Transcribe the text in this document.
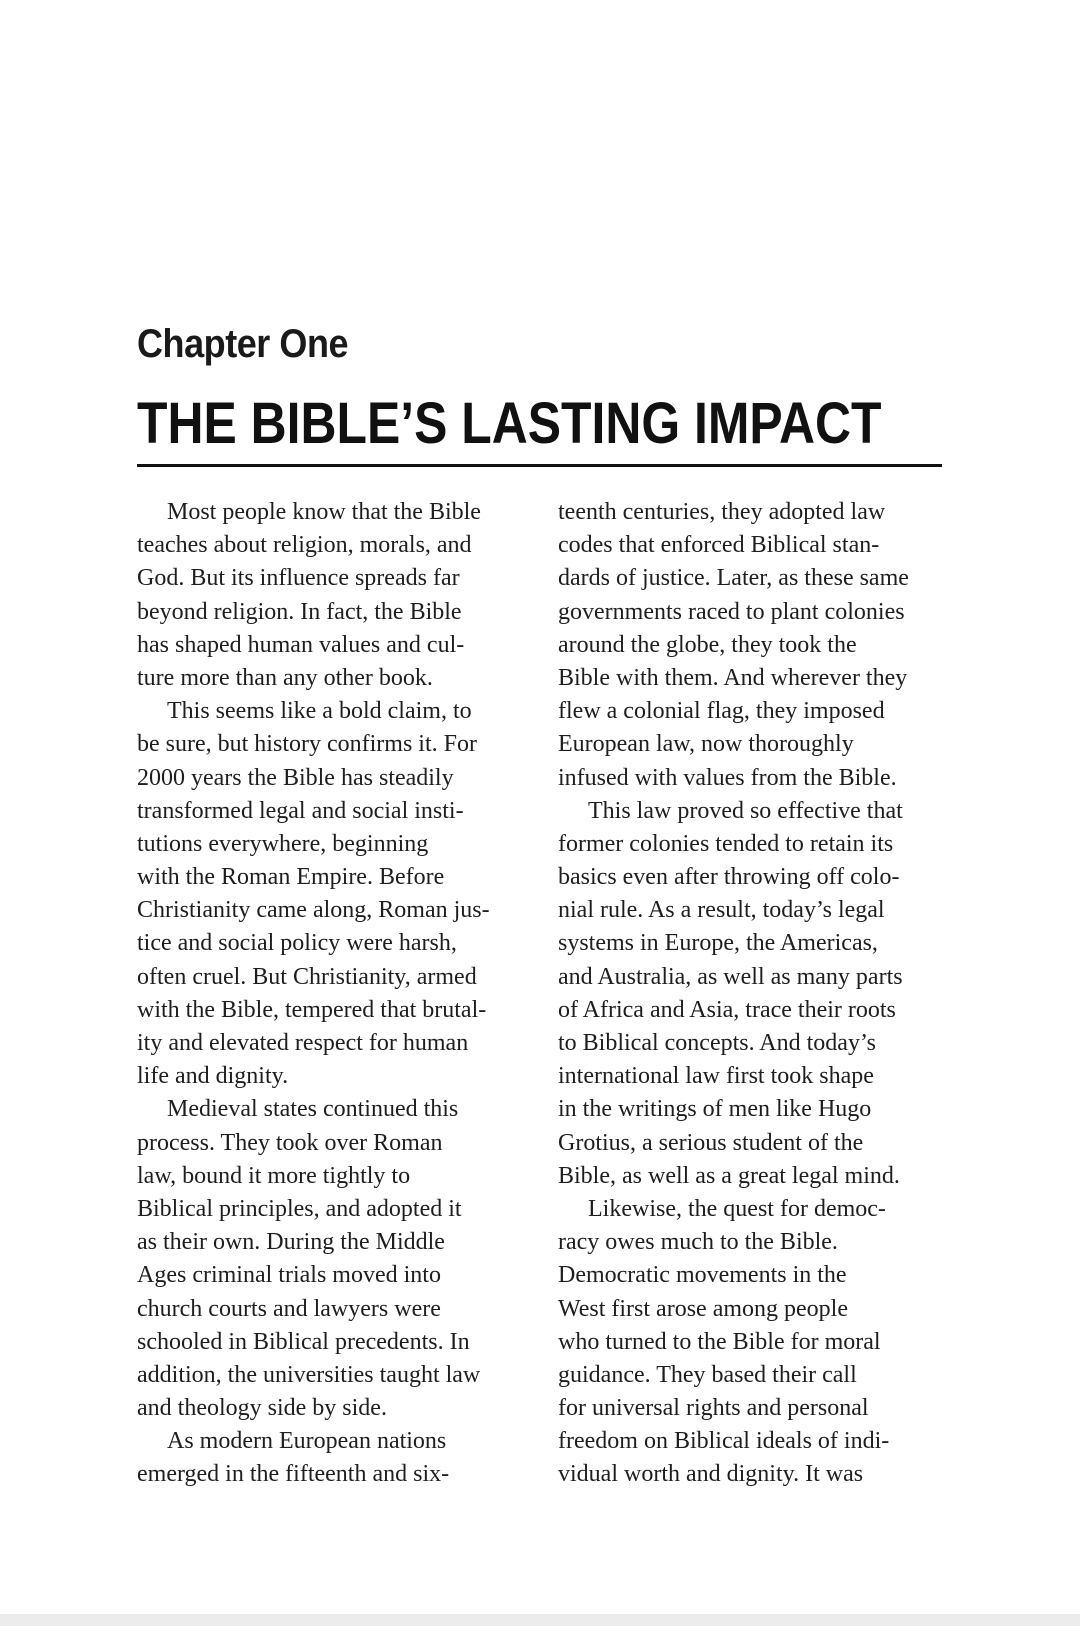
Chapter One
THE BIBLE’S LASTING IMPACT
Most people know that the Bible
teaches about religion, morals, and
God. But its influence spreads far
beyond religion. In fact, the Bible
has shaped human values and cul-
ture more than any other book.
This seems like a bold claim, to
be sure, but history confirms it. For
2000 years the Bible has steadily
transformed legal and social insti-
tutions everywhere, beginning
with the Roman Empire. Before
Christianity came along, Roman jus-
tice and social policy were harsh,
often cruel. But Christianity, armed
with the Bible, tempered that brutal-
ity and elevated respect for human
life and dignity.
Medieval states continued this
process. They took over Roman
law, bound it more tightly to
Biblical principles, and adopted it
as their own. During the Middle
Ages criminal trials moved into
church courts and lawyers were
schooled in Biblical precedents. In
addition, the universities taught law
and theology side by side.
As modern European nations
emerged in the fifteenth and six-
teenth centuries, they adopted law
codes that enforced Biblical stan-
dards of justice. Later, as these same
governments raced to plant colonies
around the globe, they took the
Bible with them. And wherever they
flew a colonial flag, they imposed
European law, now thoroughly
infused with values from the Bible.
This law proved so effective that
former colonies tended to retain its
basics even after throwing off colo-
nial rule. As a result, today’s legal
systems in Europe, the Americas,
and Australia, as well as many parts
of Africa and Asia, trace their roots
to Biblical concepts. And today’s
international law first took shape
in the writings of men like Hugo
Grotius, a serious student of the
Bible, as well as a great legal mind.
Likewise, the quest for democ-
racy owes much to the Bible.
Democratic movements in the
West first arose among people
who turned to the Bible for moral
guidance. They based their call
for universal rights and personal
freedom on Biblical ideals of indi-
vidual worth and dignity. It was
